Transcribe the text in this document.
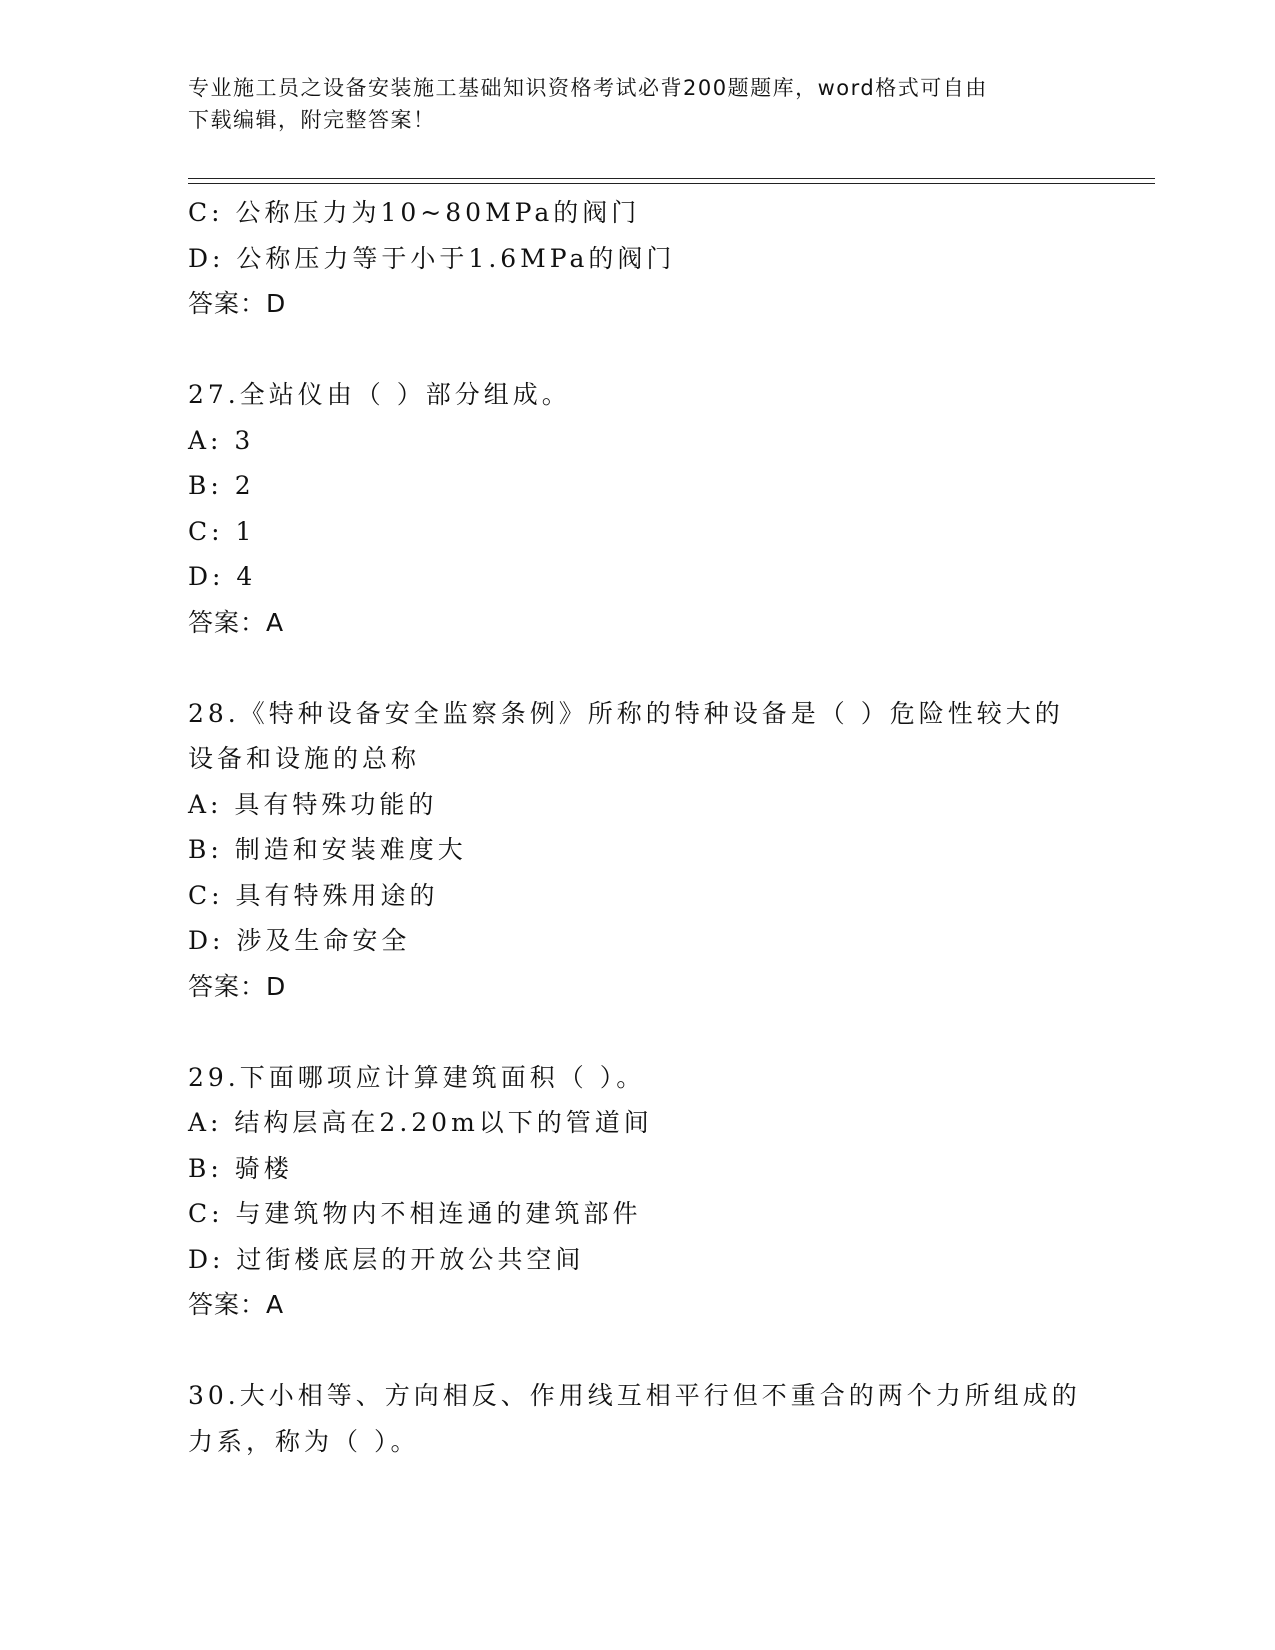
专业施工员之设备安装施工基础知识资格考试必背200题题库，word格式可自由
下载编辑，附完整答案！
C: 公称压力为10~80MPa的阀门
D: 公称压力等于小于1.6MPa的阀门
答案：D
27.全站仪由（ ）部分组成。
A: 3
B: 2
C: 1
D: 4
答案：A
28.《特种设备安全监察条例》所称的特种设备是（ ）危险性较大的
设备和设施的总称
A: 具有特殊功能的
B: 制造和安装难度大
C: 具有特殊用途的
D: 涉及生命安全
答案：D
29.下面哪项应计算建筑面积（ ）。
A: 结构层高在2.20m以下的管道间
B: 骑楼
C: 与建筑物内不相连通的建筑部件
D: 过街楼底层的开放公共空间
答案：A
30.大小相等、方向相反、作用线互相平行但不重合的两个力所组成的
力系，称为（ ）。
